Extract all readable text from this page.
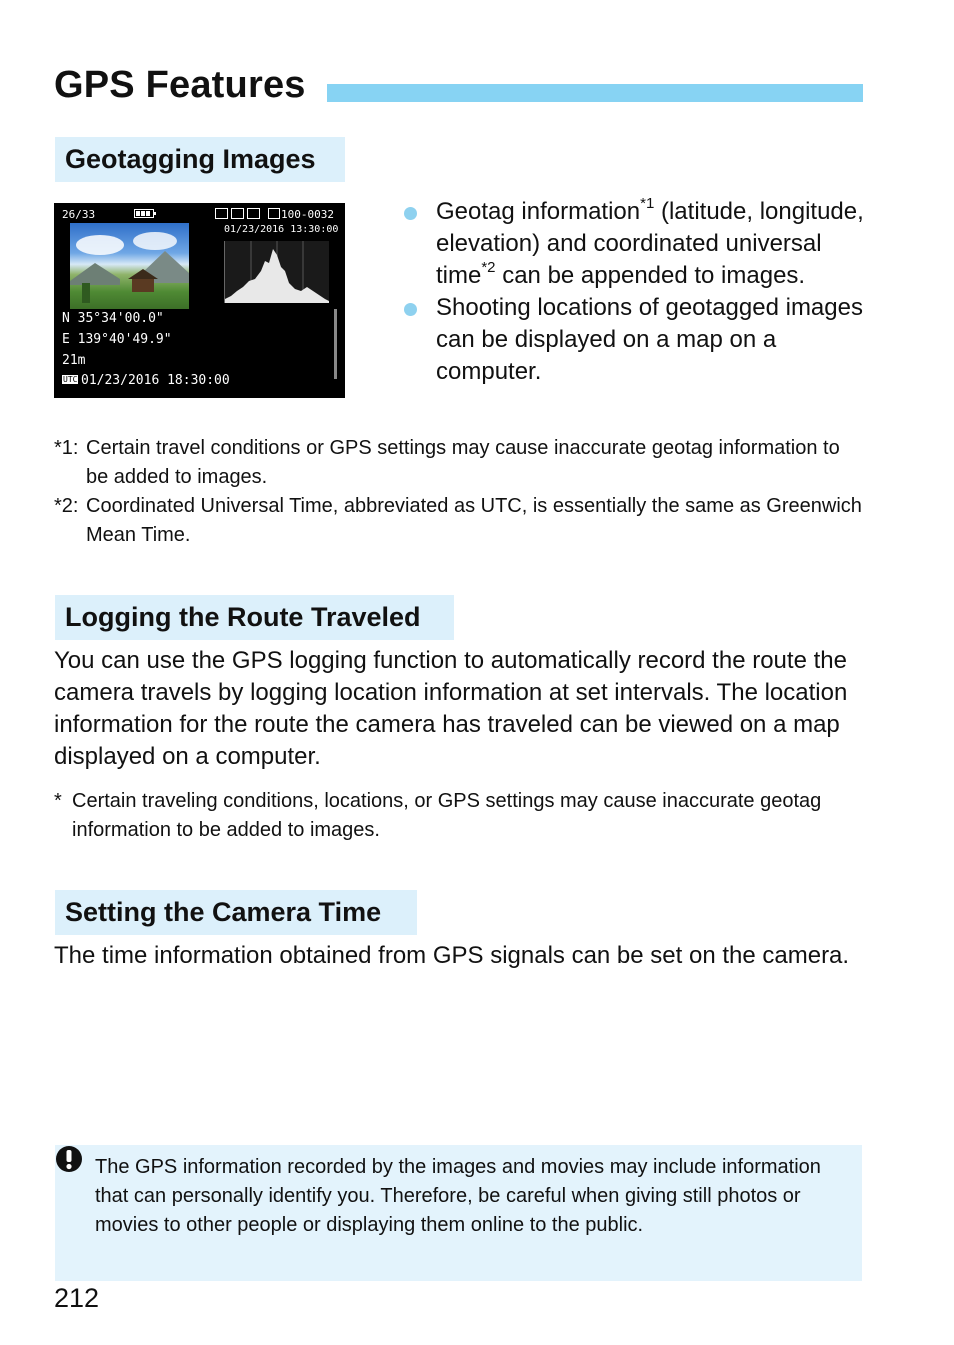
GPS Features
Geotagging Images
26/33	100-0032
01/23/2016 13:30:00
N 35°34'00.0"
E 139°40'49.9"
21m
UTC 01/23/2016 18:30:00
Geotag information$^{*1}$ (latitude, longitude, elevation) and coordinated universal time$^{*2}$ can be appended to images.
Shooting locations of geotagged images can be displayed on a map on a computer.
*1: Certain travel conditions or GPS settings may cause inaccurate geotag information to be added to images.
*2: Coordinated Universal Time, abbreviated as UTC, is essentially the same as Greenwich Mean Time.
Logging the Route Traveled
You can use the GPS logging function to automatically record the route the camera travels by logging location information at set intervals. The location information for the route the camera has traveled can be viewed on a map displayed on a computer.
* Certain traveling conditions, locations, or GPS settings may cause inaccurate geotag information to be added to images.
Setting the Camera Time
The time information obtained from GPS signals can be set on the camera.
The GPS information recorded by the images and movies may include information that can personally identify you. Therefore, be careful when giving still photos or movies to other people or displaying them online to the public.
212
